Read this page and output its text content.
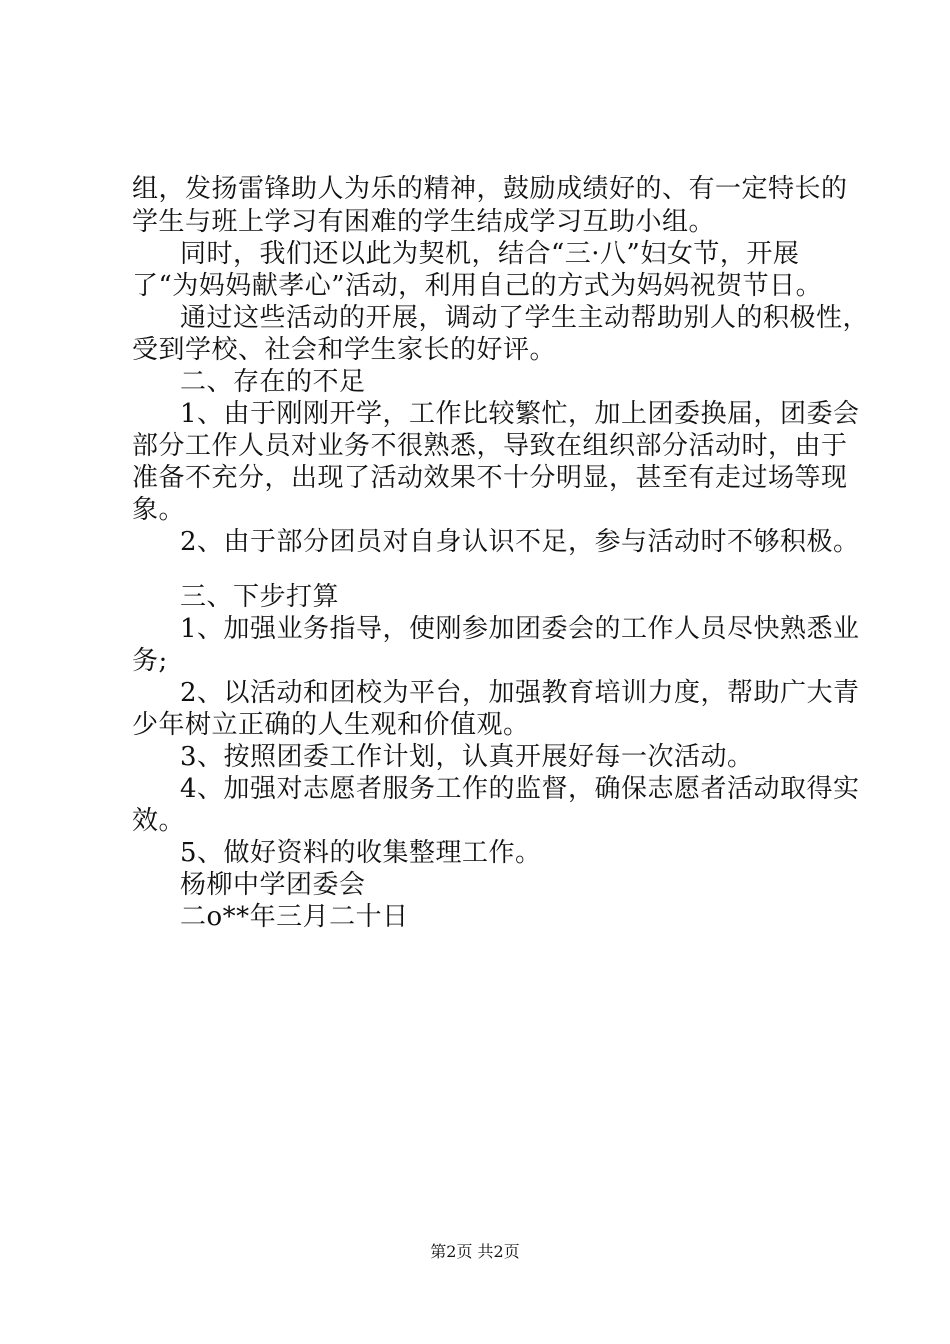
组，发扬雷锋助人为乐的精神，鼓励成绩好的、有一定特长的
学生与班上学习有困难的学生结成学习互助小组。
同时，我们还以此为契机，结合“三·八”妇女节，开展
了“为妈妈献孝心”活动，利用自己的方式为妈妈祝贺节日。
通过这些活动的开展，调动了学生主动帮助别人的积极性，
受到学校、社会和学生家长的好评。
二、存在的不足
1、由于刚刚开学，工作比较繁忙，加上团委换届，团委会
部分工作人员对业务不很熟悉，导致在组织部分活动时，由于
准备不充分，出现了活动效果不十分明显，甚至有走过场等现
象。
2、由于部分团员对自身认识不足，参与活动时不够积极。
三、下步打算
1、加强业务指导，使刚参加团委会的工作人员尽快熟悉业
务;
2、以活动和团校为平台，加强教育培训力度，帮助广大青
少年树立正确的人生观和价值观。
3、按照团委工作计划，认真开展好每一次活动。
4、加强对志愿者服务工作的监督，确保志愿者活动取得实
效。
5、做好资料的收集整理工作。
杨柳中学团委会
二o**年三月二十日
第2页 共2页
